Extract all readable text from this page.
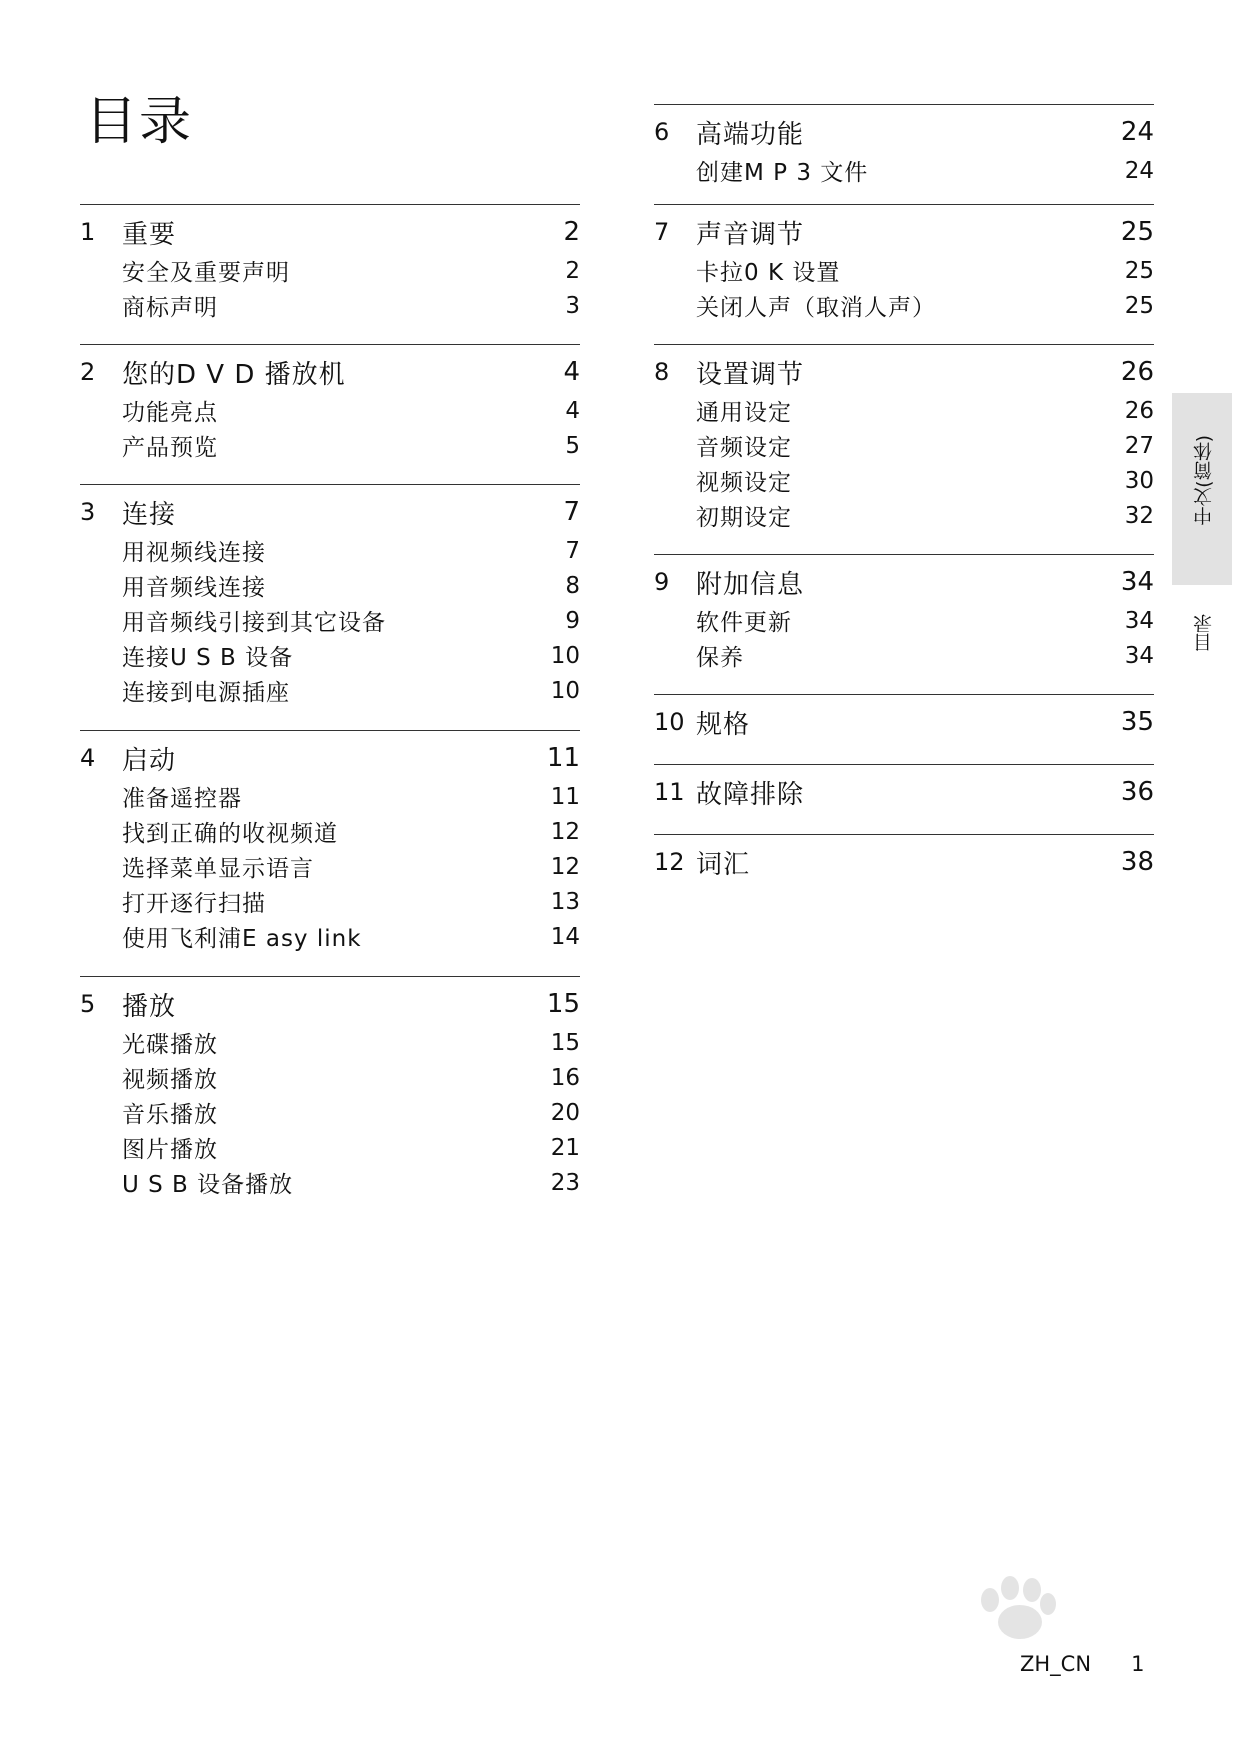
目录
1	重要	2
安全及重要声明	2
商标声明	3
2	您的D V D 播放机	4
功能亮点	4
产品预览	5
3	连接	7
用视频线连接	7
用音频线连接	8
用音频线引接到其它设备	9
连接U S B 设备	10
连接到电源插座	10
4	启动	11
准备遥控器	11
找到正确的收视频道	12
选择菜单显示语言	12
打开逐行扫描	13
使用飞利浦E asy link	14
5	播放	15
光碟播放	15
视频播放	16
音乐播放	20
图片播放	21
U S B 设备播放	23
6	高端功能	24
创建M P 3 文件	24
7	声音调节	25
卡拉0 K 设置	25
关闭人声（取消人声）	25
8	设置调节	26
通用设定	26
音频设定	27
视频设定	30
初期设定	32
9	附加信息	34
软件更新	34
保养	34
10 规格	35
11 故障排除	36
12 词汇	38
中文(简体)
目录
ZH_CN 1
